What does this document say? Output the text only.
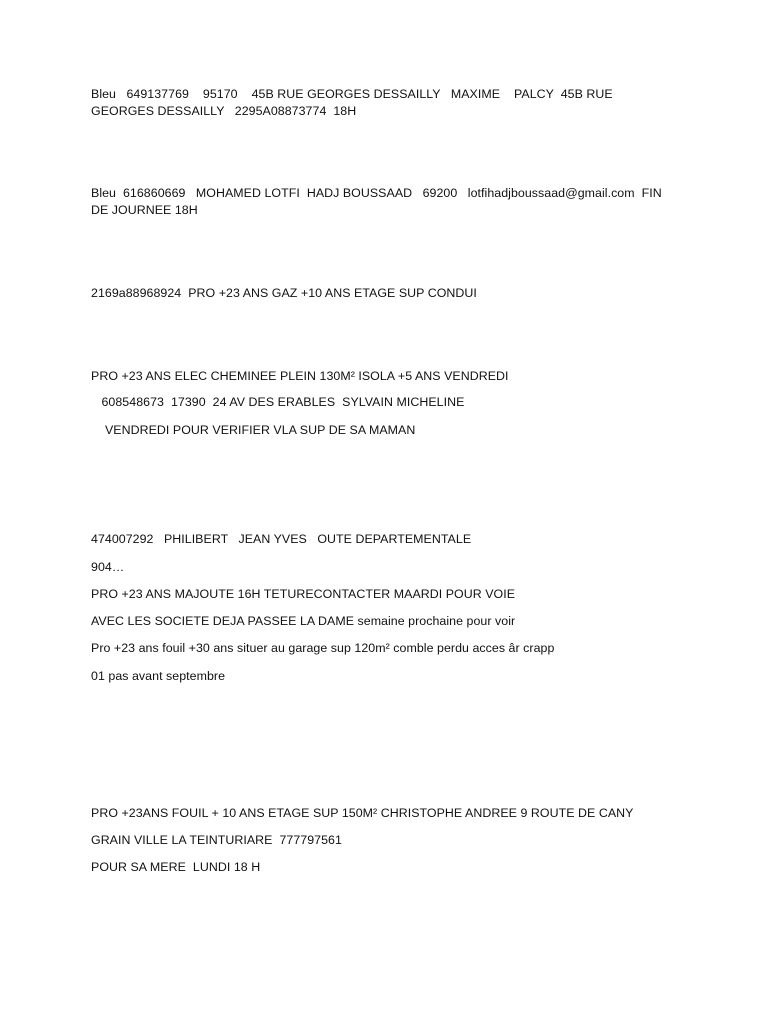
Bleu   649137769    95170    45B RUE GEORGES DESSAILLY   MAXIME    PALCY  45B RUE GEORGES DESSAILLY   2295A08873774  18H
Bleu  616860669   MOHAMED LOTFI  HADJ BOUSSAAD   69200   lotfihadjboussaad@gmail.com  FIN DE JOURNEE 18H
2169a88968924  PRO +23 ANS GAZ +10 ANS ETAGE SUP CONDUI
PRO +23 ANS ELEC CHEMINEE PLEIN 130M² ISOLA +5 ANS VENDREDI
608548673  17390  24 AV DES ERABLES  SYLVAIN MICHELINE
VENDREDI POUR VERIFIER VLA SUP DE SA MAMAN
474007292   PHILIBERT   JEAN YVES   OUTE DEPARTEMENTALE
904…
PRO +23 ANS MAJOUTE 16H TETURECONTACTER MAARDI POUR VOIE
AVEC LES SOCIETE DEJA PASSEE LA DAME semaine prochaine pour voir
Pro +23 ans fouil +30 ans situer au garage sup 120m² comble perdu acces âr crapp
01 pas avant septembre
PRO +23ANS FOUIL + 10 ANS ETAGE SUP 150M² CHRISTOPHE ANDREE 9 ROUTE DE CANY
GRAIN VILLE LA TEINTURIARE  777797561
POUR SA MERE  LUNDI 18 H
